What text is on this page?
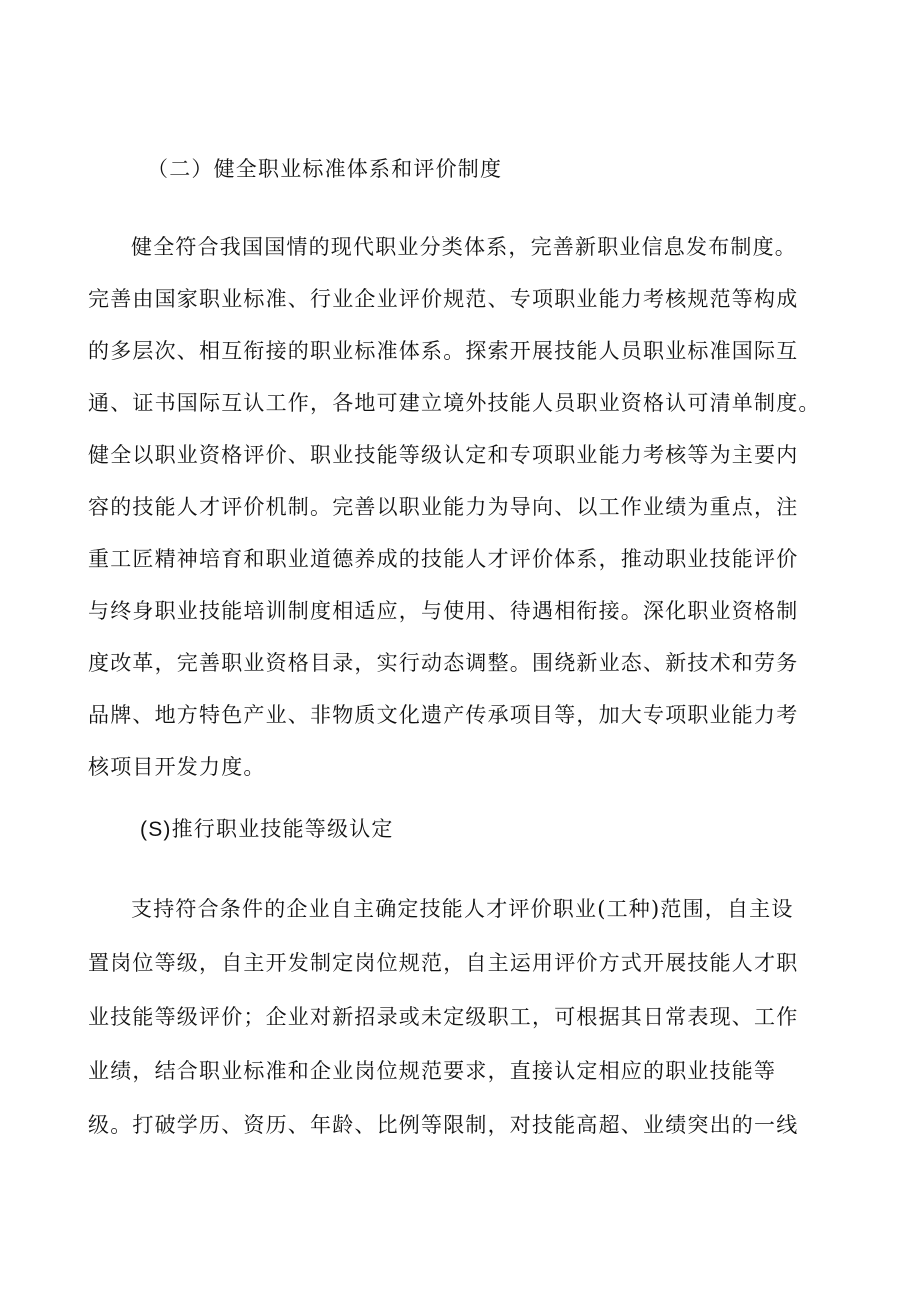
（二）健全职业标准体系和评价制度
健全符合我国国情的现代职业分类体系，完善新职业信息发布制度。
完善由国家职业标准、行业企业评价规范、专项职业能力考核规范等构成
的多层次、相互衔接的职业标准体系。探索开展技能人员职业标准国际互
通、证书国际互认工作，各地可建立境外技能人员职业资格认可清单制度。
健全以职业资格评价、职业技能等级认定和专项职业能力考核等为主要内
容的技能人才评价机制。完善以职业能力为导向、以工作业绩为重点，注
重工匠精神培育和职业道德养成的技能人才评价体系，推动职业技能评价
与终身职业技能培训制度相适应，与使用、待遇相衔接。深化职业资格制
度改革，完善职业资格目录，实行动态调整。围绕新业态、新技术和劳务
品牌、地方特色产业、非物质文化遗产传承项目等，加大专项职业能力考
核项目开发力度。
(S)推行职业技能等级认定
支持符合条件的企业自主确定技能人才评价职业(工种)范围，自主设
置岗位等级，自主开发制定岗位规范，自主运用评价方式开展技能人才职
业技能等级评价；企业对新招录或未定级职工，可根据其日常表现、工作
业绩，结合职业标准和企业岗位规范要求，直接认定相应的职业技能等
级。打破学历、资历、年龄、比例等限制，对技能高超、业绩突出的一线
